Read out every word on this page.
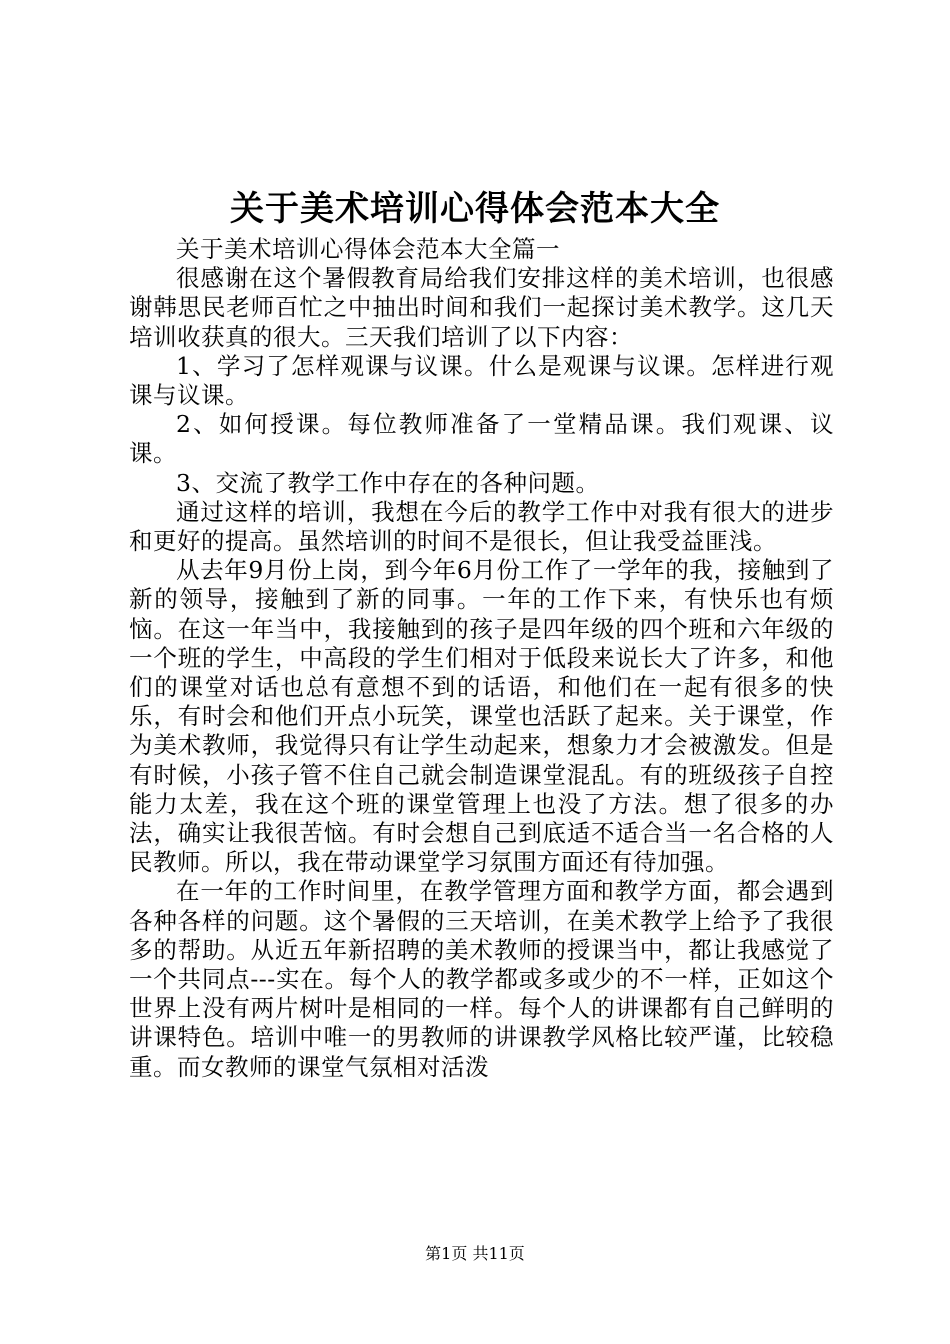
关于美术培训心得体会范本大全

关于美术培训心得体会范本大全篇一

很感谢在这个暑假教育局给我们安排这样的美术培训，也很感谢韩思民老师百忙之中抽出时间和我们一起探讨美术教学。这几天培训收获真的很大。三天我们培训了以下内容：

1、学习了怎样观课与议课。什么是观课与议课。怎样进行观课与议课。

2、如何授课。每位教师准备了一堂精品课。我们观课、议课。

3、交流了教学工作中存在的各种问题。

通过这样的培训，我想在今后的教学工作中对我有很大的进步和更好的提高。虽然培训的时间不是很长，但让我受益匪浅。

从去年9月份上岗，到今年6月份工作了一学年的我，接触到了新的领导，接触到了新的同事。一年的工作下来，有快乐也有烦恼。在这一年当中，我接触到的孩子是四年级的四个班和六年级的一个班的学生，中高段的学生们相对于低段来说长大了许多，和他们的课堂对话也总有意想不到的话语，和他们在一起有很多的快乐，有时会和他们开点小玩笑，课堂也活跃了起来。关于课堂，作为美术教师，我觉得只有让学生动起来，想象力才会被激发。但是有时候，小孩子管不住自己就会制造课堂混乱。有的班级孩子自控能力太差，我在这个班的课堂管理上也没了方法。想了很多的办法，确实让我很苦恼。有时会想自己到底适不适合当一名合格的人民教师。所以，我在带动课堂学习氛围方面还有待加强。

在一年的工作时间里，在教学管理方面和教学方面，都会遇到各种各样的问题。这个暑假的三天培训，在美术教学上给予了我很多的帮助。从近五年新招聘的美术教师的授课当中，都让我感觉了一个共同点---实在。每个人的教学都或多或少的不一样，正如这个世界上没有两片树叶是相同的一样。每个人的讲课都有自己鲜明的讲课特色。培训中唯一的男教师的讲课教学风格比较严谨，比较稳重。而女教师的课堂气氛相对活泼

第1页 共11页
